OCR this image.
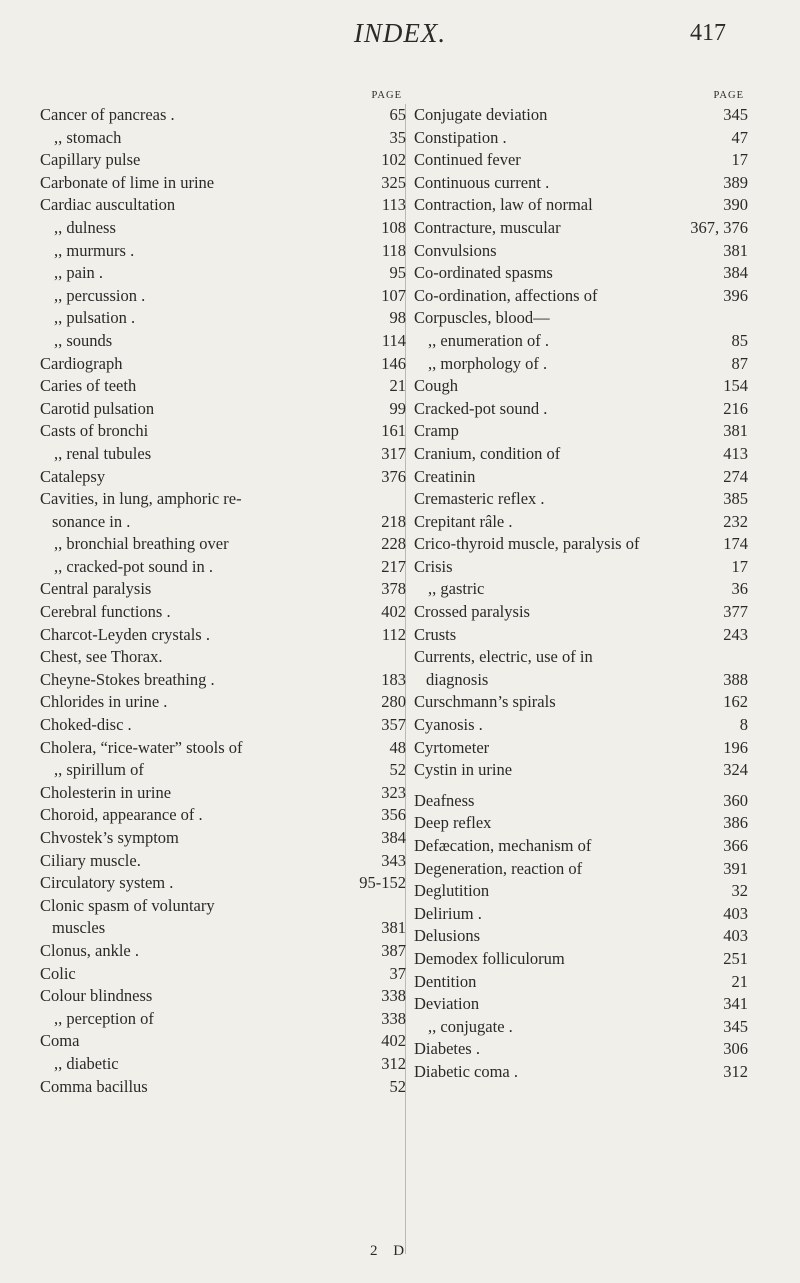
INDEX.	417
PAGE
Cancer of pancreas .	65
,, stomach	35
Capillary pulse	102
Carbonate of lime in urine	325
Cardiac auscultation	113
,, dulness	108
,, murmurs .	118
,, pain .	95
,, percussion .	107
,, pulsation .	98
,, sounds	114
Cardiograph	146
Caries of teeth	21
Carotid pulsation	99
Casts of bronchi	161
,, renal tubules	317
Catalepsy	376
Cavities, in lung, amphoric re-
sonance in .	218
,, bronchial breathing over	228
,, cracked-pot sound in .	217
Central paralysis	378
Cerebral functions .	402
Charcot-Leyden crystals .	112
Chest, see Thorax.
Cheyne-Stokes breathing .	183
Chlorides in urine .	280
Choked-disc .	357
Cholera, “rice-water” stools of	48
,, spirillum of	52
Cholesterin in urine	323
Choroid, appearance of .	356
Chvostek’s symptom	384
Ciliary muscle.	343
Circulatory system .	95-152
Clonic spasm of voluntary
muscles	381
Clonus, ankle .	387
Colic	37
Colour blindness	338
,, perception of	338
Coma	402
,, diabetic	312
Comma bacillus	52
PAGE
Conjugate deviation	345
Constipation .	47
Continued fever	17
Continuous current .	389
Contraction, law of normal	390
Contracture, muscular	367, 376
Convulsions	381
Co-ordinated spasms	384
Co-ordination, affections of	396
Corpuscles, blood—
,, enumeration of .	85
,, morphology of .	87
Cough	154
Cracked-pot sound .	216
Cramp	381
Cranium, condition of	413
Creatinin	274
Cremasteric reflex .	385
Crepitant râle .	232
Crico-thyroid muscle, paralysis of	174
Crisis	17
,, gastric	36
Crossed paralysis	377
Crusts	243
Currents, electric, use of in
diagnosis	388
Curschmann’s spirals	162
Cyanosis .	8
Cyrtometer	196
Cystin in urine	324
Deafness	360
Deep reflex	386
Defæcation, mechanism of	366
Degeneration, reaction of	391
Deglutition	32
Delirium .	403
Delusions	403
Demodex folliculorum	251
Dentition	21
Deviation	341
,, conjugate .	345
Diabetes .	306
Diabetic coma .	312
2 D
